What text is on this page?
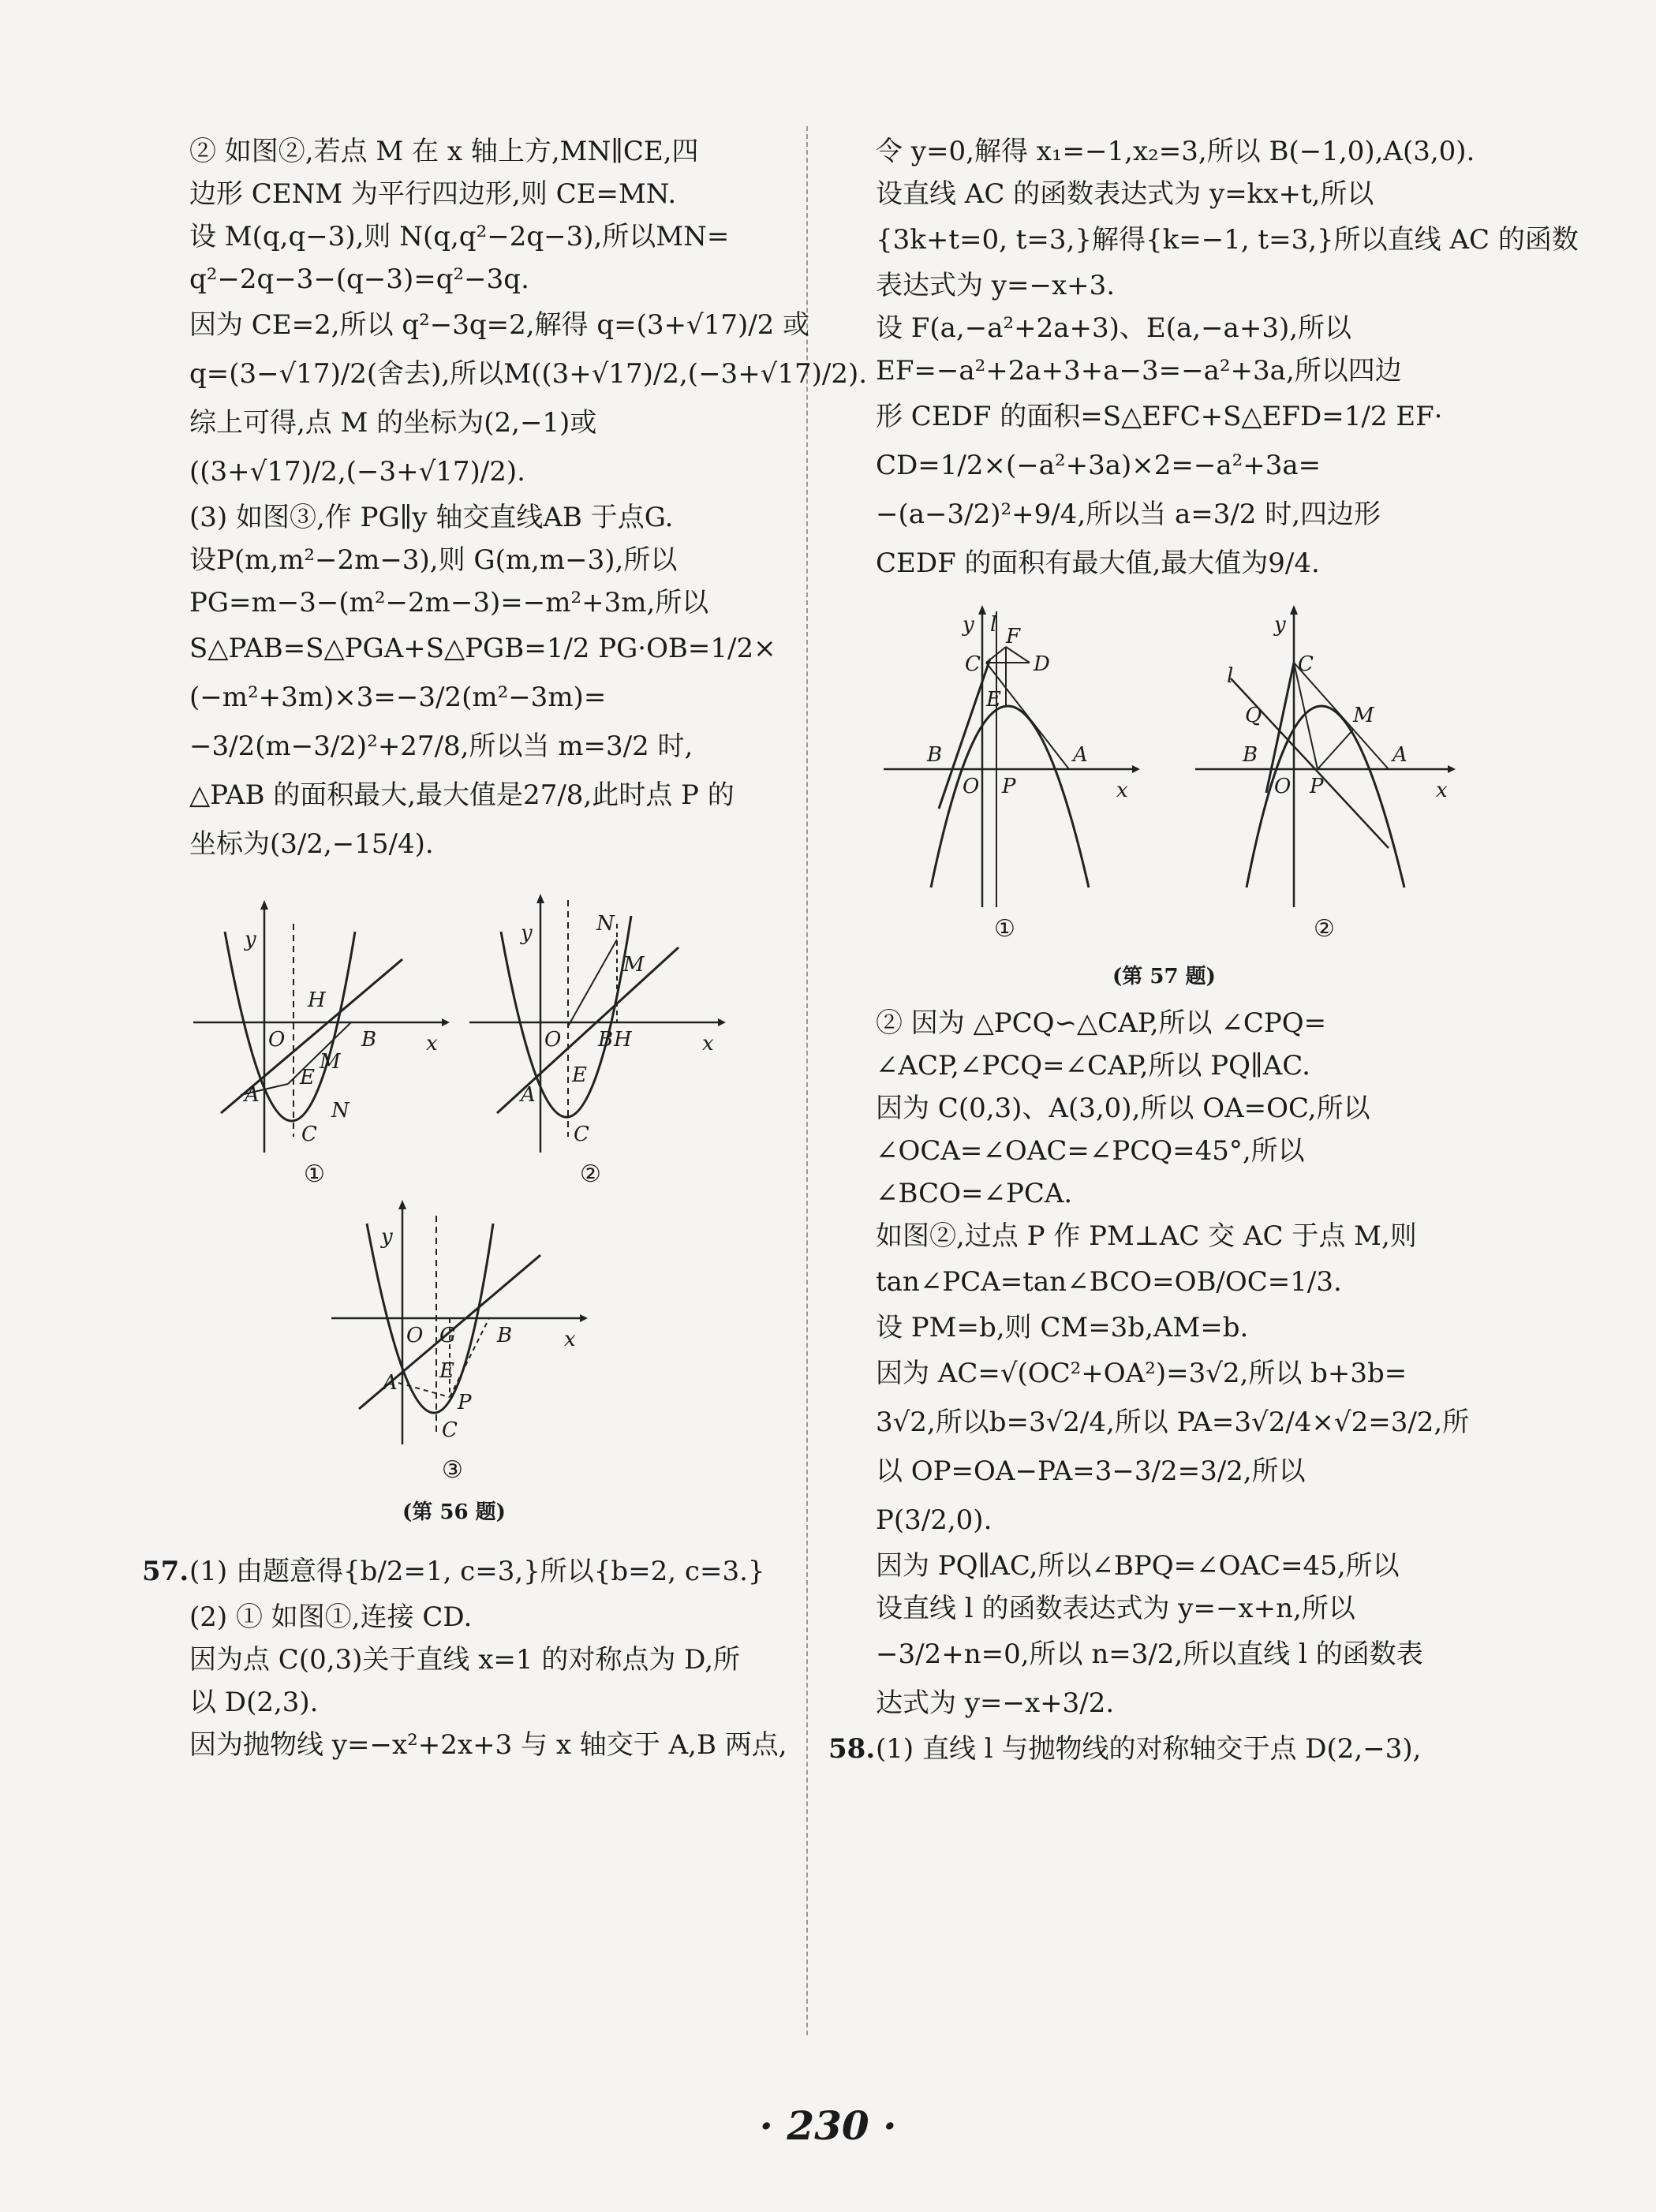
② 如图②,若点 M 在 x 轴上方,MN∥CE,四
边形 CENM 为平行四边形,则 CE=MN.
设 M(q,q−3),则 N(q,q²−2q−3),所以MN=
q²−2q−3−(q−3)=q²−3q.
因为 CE=2,所以 q²−3q=2,解得 q=(3+√17)/2 或
q=(3−√17)/2(舍去),所以M((3+√17)/2,(−3+√17)/2).
综上可得,点 M 的坐标为(2,−1)或
((3+√17)/2,(−3+√17)/2).
(3) 如图③,作 PG∥y 轴交直线AB 于点G.
设P(m,m²−2m−3),则 G(m,m−3),所以
PG=m−3−(m²−2m−3)=−m²+3m,所以
S△PAB=S△PGA+S△PGB=1/2 PG·OB=1/2×
(−m²+3m)×3=−3/2(m²−3m)=
−3/2(m−3/2)²+27/8,所以当 m=3/2 时,
△PAB 的面积最大,最大值是27/8,此时点 P 的
坐标为(3/2,−15/4).
y
x
O	B
H
M
E
A
N
C
①
y
x
O
N
M
B H
E
A
C
②
y
x
O G B
E
A
P
C
③
(第 56 题)
57. (1) 由题意得{b/2=1, c=3,}所以{b=2, c=3.}
(2) ① 如图①,连接 CD.
因为点 C(0,3)关于直线 x=1 的对称点为 D,所
以 D(2,3).
因为抛物线 y=−x²+2x+3 与 x 轴交于 A,B 两点,
令 y=0,解得 x₁=−1,x₂=3,所以 B(−1,0),A(3,0).
设直线 AC 的函数表达式为 y=kx+t,所以
{3k+t=0, t=3,}解得{k=−1, t=3,}所以直线 AC 的函数
表达式为 y=−x+3.
设 F(a,−a²+2a+3)、E(a,−a+3),所以
EF=−a²+2a+3+a−3=−a²+3a,所以四边
形 CEDF 的面积=S△EFC+S△EFD=1/2 EF·
CD=1/2×(−a²+3a)×2=−a²+3a=
−(a−3/2)²+9/4,所以当 a=3/2 时,四边形
CEDF 的面积有最大值,最大值为9/4.
y l F
C	D
E
B	A
O P	x
①
y
C
l
Q	M
B	A
O P	x
②
(第 57 题)
② 因为 △PCQ∽△CAP,所以 ∠CPQ=
∠ACP,∠PCQ=∠CAP,所以 PQ∥AC.
因为 C(0,3)、A(3,0),所以 OA=OC,所以
∠OCA=∠OAC=∠PCQ=45°,所以
∠BCO=∠PCA.
如图②,过点 P 作 PM⊥AC 交 AC 于点 M,则
tan∠PCA=tan∠BCO=OB/OC=1/3.
设 PM=b,则 CM=3b,AM=b.
因为 AC=√(OC²+OA²)=3√2,所以 b+3b=
3√2,所以b=3√2/4,所以 PA=3√2/4×√2=3/2,所
以 OP=OA−PA=3−3/2=3/2,所以
P(3/2,0).
因为 PQ∥AC,所以∠BPQ=∠OAC=45,所以
设直线 l 的函数表达式为 y=−x+n,所以
−3/2+n=0,所以 n=3/2,所以直线 l 的函数表
达式为 y=−x+3/2.
58. (1) 直线 l 与抛物线的对称轴交于点 D(2,−3),
· 230 ·
